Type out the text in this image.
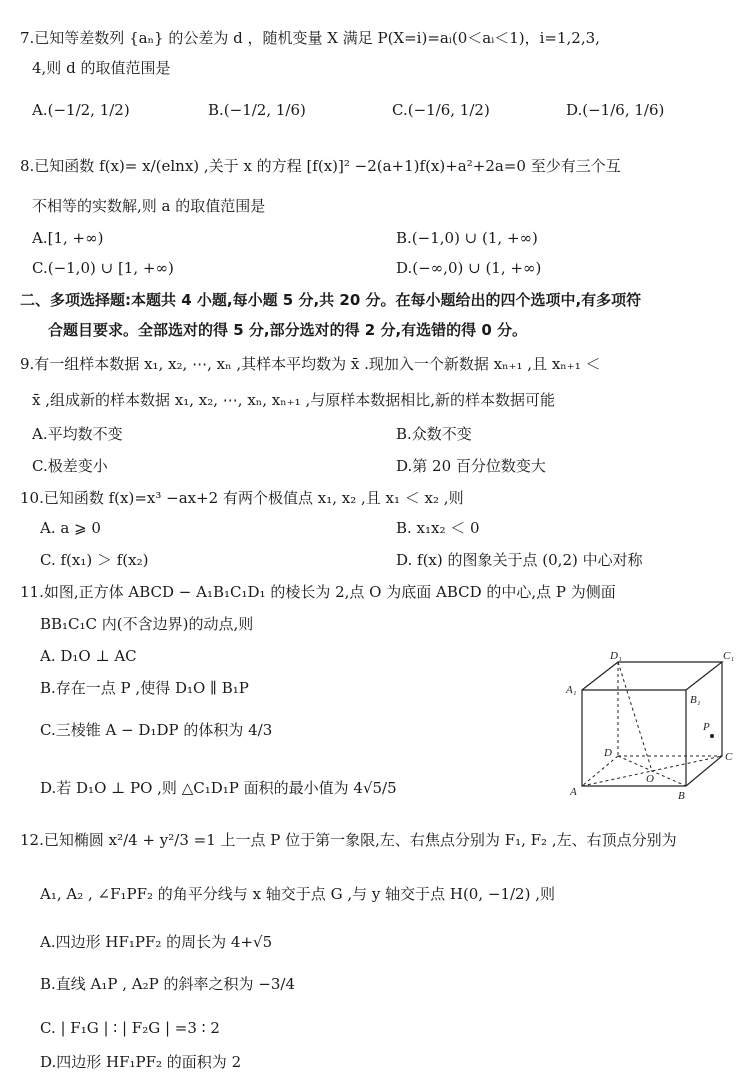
7.已知等差数列 {aₙ} 的公差为 d ，随机变量 X 满足 P(X=i)=aᵢ(0＜aᵢ＜1)，i=1,2,3,
4,则 d 的取值范围是
A.(−1/2, 1/2)	B.(−1/2, 1/6)	C.(−1/6, 1/2)	D.(−1/6, 1/6)
8.已知函数 f(x)= x/(elnx) ,关于 x 的方程 [f(x)]² −2(a+1)f(x)+a²+2a=0 至少有三个互
不相等的实数解,则 a 的取值范围是
A.[1, +∞)	B.(−1,0) ∪ (1, +∞)
C.(−1,0) ∪ [1, +∞)	D.(−∞,0) ∪ (1, +∞)
二、多项选择题:本题共 4 小题,每小题 5 分,共 20 分。在每小题给出的四个选项中,有多项符
合题目要求。全部选对的得 5 分,部分选对的得 2 分,有选错的得 0 分。
9.有一组样本数据 x₁, x₂, ⋯, xₙ ,其样本平均数为 x̄ .现加入一个新数据 xₙ₊₁ ,且 xₙ₊₁ ＜
x̄ ,组成新的样本数据 x₁, x₂, ⋯, xₙ, xₙ₊₁ ,与原样本数据相比,新的样本数据可能
A.平均数不变	B.众数不变
C.极差变小	D.第 20 百分位数变大
10.已知函数 f(x)=x³ −ax+2 有两个极值点 x₁, x₂ ,且 x₁ ＜ x₂ ,则
A. a ⩾ 0	B. x₁x₂ ＜ 0
C. f(x₁) ＞ f(x₂)	D. f(x) 的图象关于点 (0,2) 中心对称
11.如图,正方体 ABCD − A₁B₁C₁D₁ 的棱长为 2,点 O 为底面 ABCD 的中心,点 P 为侧面
BB₁C₁C 内(不含边界)的动点,则
A. D₁O ⊥ AC
B.存在一点 P ,使得 D₁O ∥ B₁P
C.三棱锥 A − D₁DP 的体积为 4/3
D.若 D₁O ⊥ PO ,则 △C₁D₁P 面积的最小值为 4√5/5
D₁	C₁
A₁
B₁
P
D	C
O
A	B
12.已知椭圆 x²/4 + y²/3 =1 上一点 P 位于第一象限,左、右焦点分别为 F₁, F₂ ,左、右顶点分别为
A₁, A₂ , ∠F₁PF₂ 的角平分线与 x 轴交于点 G ,与 y 轴交于点 H(0, −1/2) ,则
A.四边形 HF₁PF₂ 的周长为 4+√5
B.直线 A₁P , A₂P 的斜率之积为 −3/4
C. | F₁G | ∶ | F₂G | =3 ∶ 2
D.四边形 HF₁PF₂ 的面积为 2
